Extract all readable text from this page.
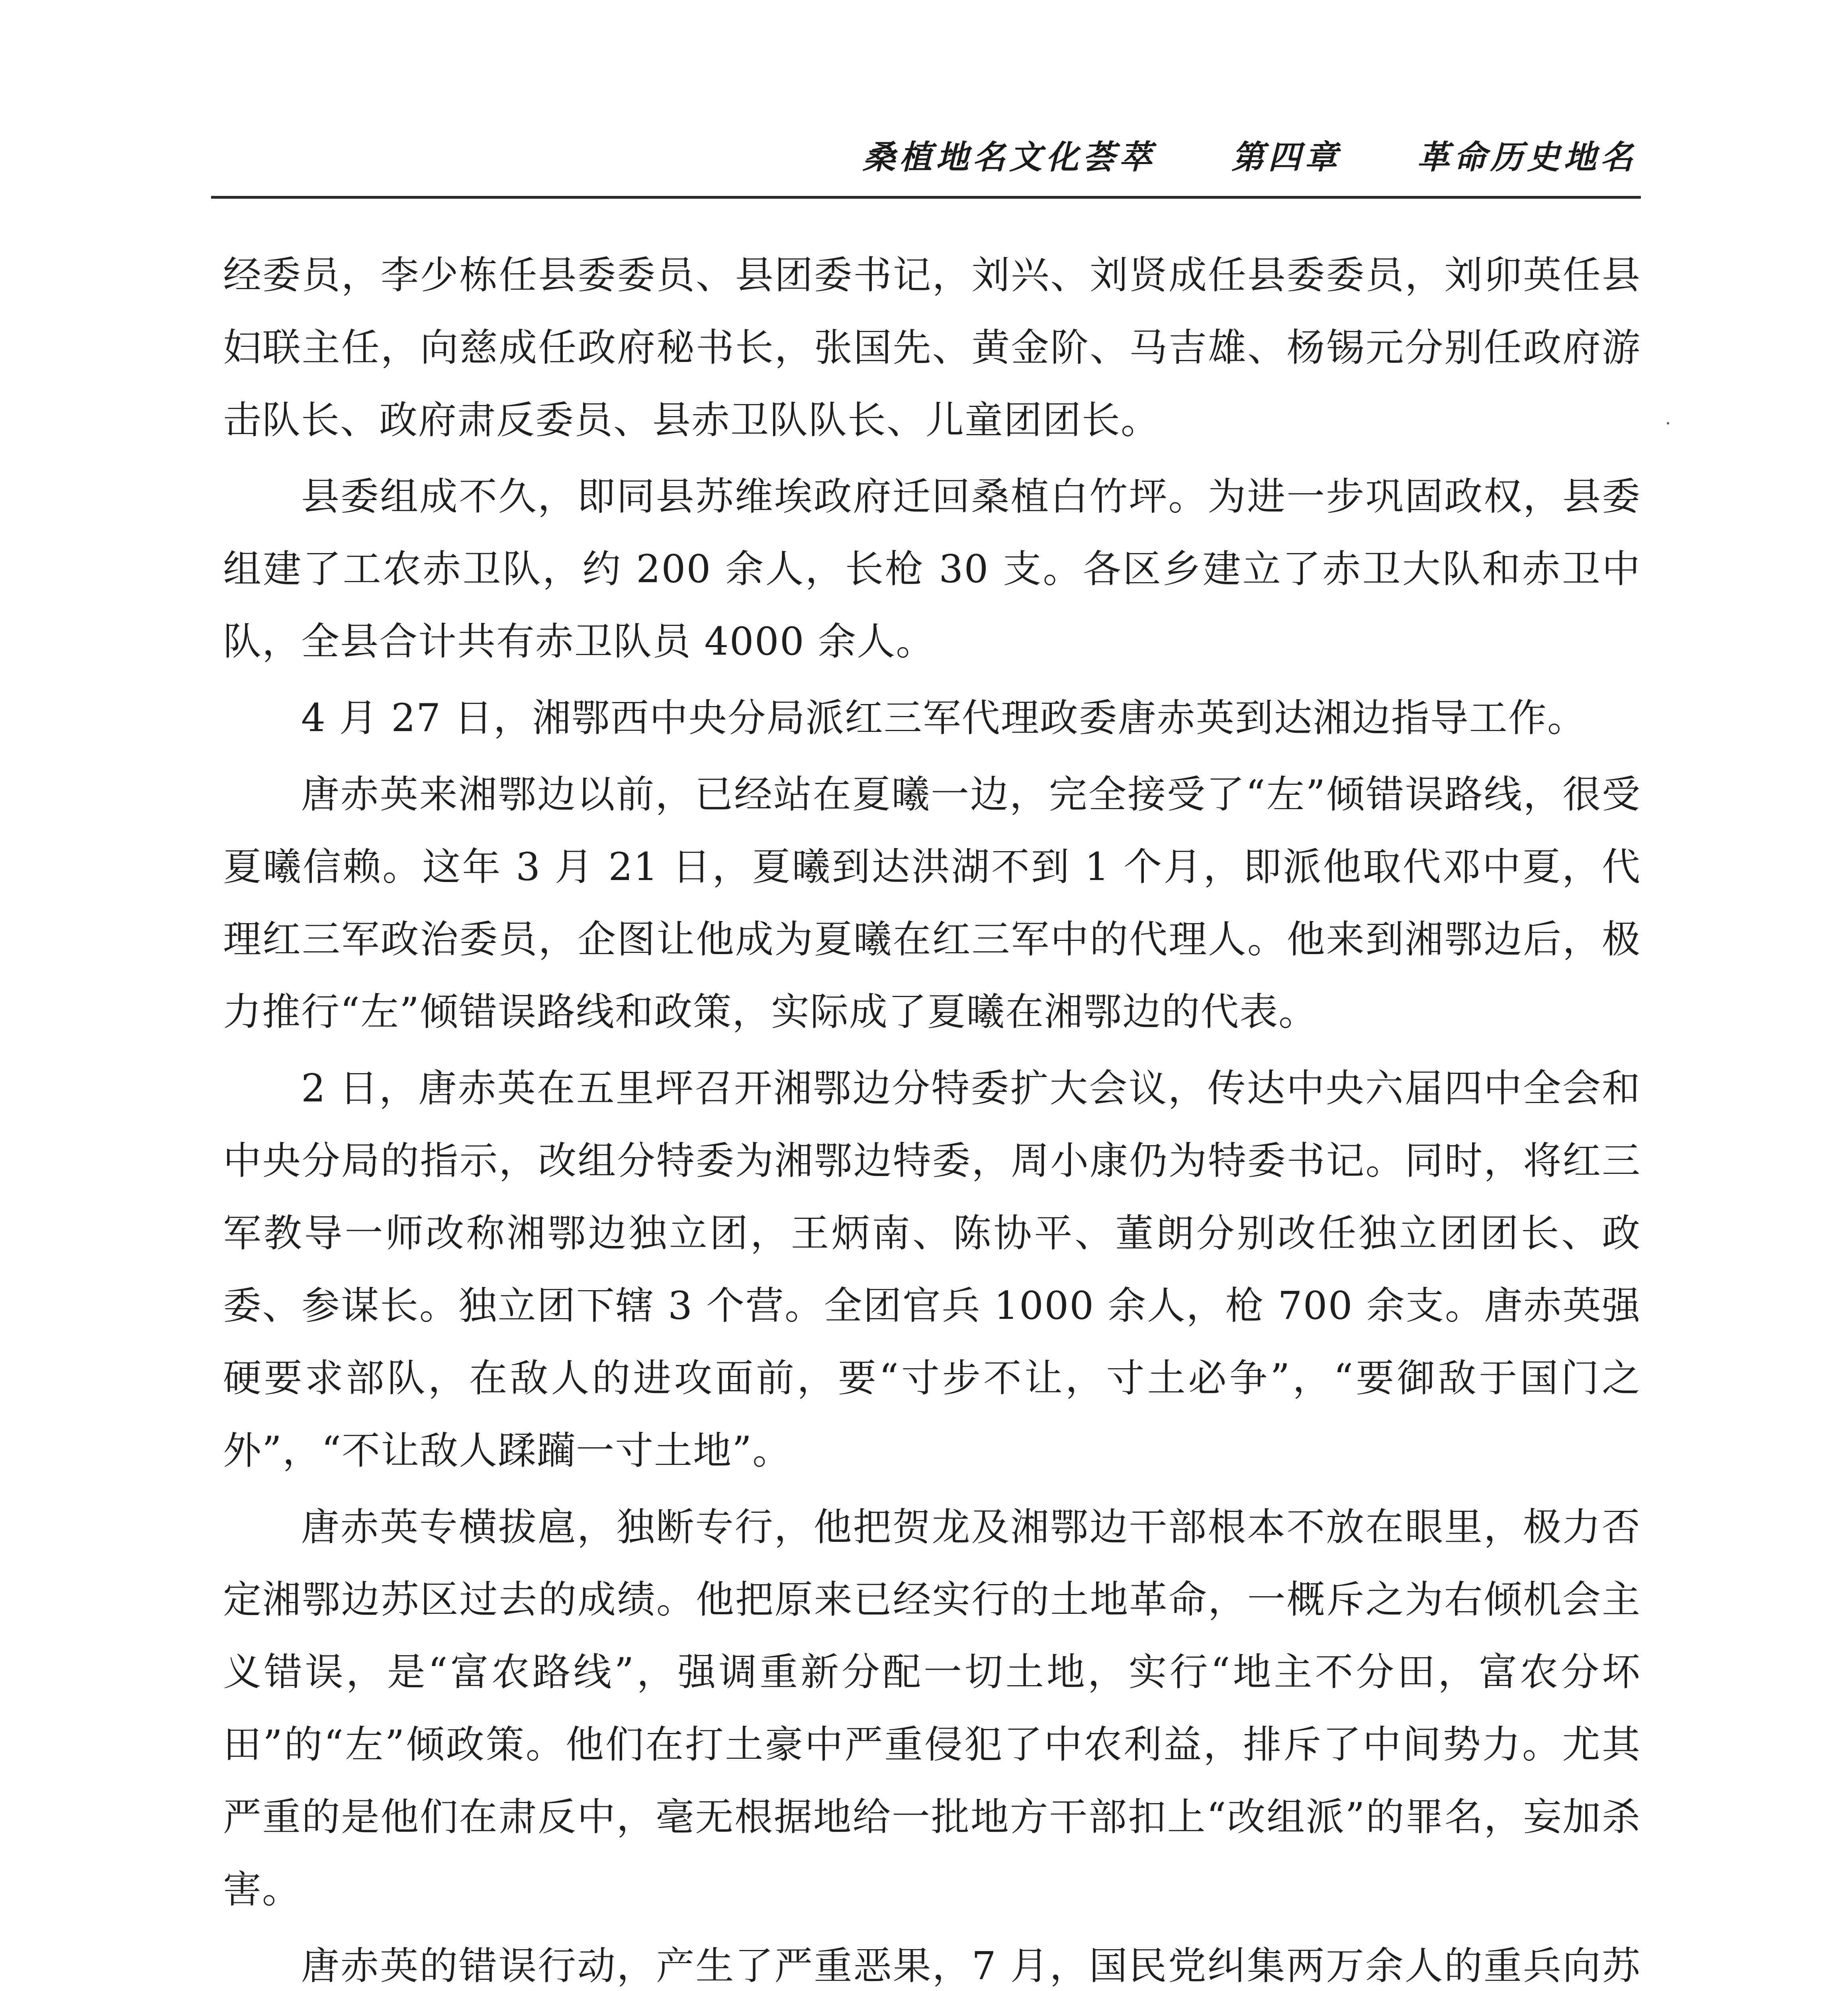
桑植地名文化荟萃 第四章 革命历史地名

经委员，李少栋任县委委员、县团委书记，刘兴、刘贤成任县委委员，刘卯英任县妇联主任，向慈成任政府秘书长，张国先、黄金阶、马吉雄、杨锡元分别任政府游击队长、政府肃反委员、县赤卫队队长、儿童团团长。

县委组成不久，即同县苏维埃政府迁回桑植白竹坪。为进一步巩固政权，县委组建了工农赤卫队，约 200 余人，长枪 30 支。各区乡建立了赤卫大队和赤卫中队，全县合计共有赤卫队员 4000 余人。

4 月 27 日，湘鄂西中央分局派红三军代理政委唐赤英到达湘边指导工作。

唐赤英来湘鄂边以前，已经站在夏曦一边，完全接受了“左”倾错误路线，很受夏曦信赖。这年 3 月 21 日，夏曦到达洪湖不到 1 个月，即派他取代邓中夏，代理红三军政治委员，企图让他成为夏曦在红三军中的代理人。他来到湘鄂边后，极力推行“左”倾错误路线和政策，实际成了夏曦在湘鄂边的代表。

2 日，唐赤英在五里坪召开湘鄂边分特委扩大会议，传达中央六届四中全会和中央分局的指示，改组分特委为湘鄂边特委，周小康仍为特委书记。同时，将红三军教导一师改称湘鄂边独立团，王炳南、陈协平、董朗分别改任独立团团长、政委、参谋长。独立团下辖 3 个营。全团官兵 1000 余人，枪 700 余支。唐赤英强硬要求部队，在敌人的进攻面前，要“寸步不让，寸土必争”，“要御敌于国门之外”，“不让敌人蹂躏一寸土地”。

唐赤英专横拔扈，独断专行，他把贺龙及湘鄂边干部根本不放在眼里，极力否定湘鄂边苏区过去的成绩。他把原来已经实行的土地革命，一概斥之为右倾机会主义错误，是“富农路线”，强调重新分配一切土地，实行“地主不分田，富农分坏田”的“左”倾政策。他们在打土豪中严重侵犯了中农利益，排斥了中间势力。尤其严重的是他们在肃反中，毫无根据地给一批地方干部扣上“改组派”的罪名，妄加杀害。

唐赤英的错误行动，产生了严重恶果，7 月，国民党纠集两万余人的重兵向苏
